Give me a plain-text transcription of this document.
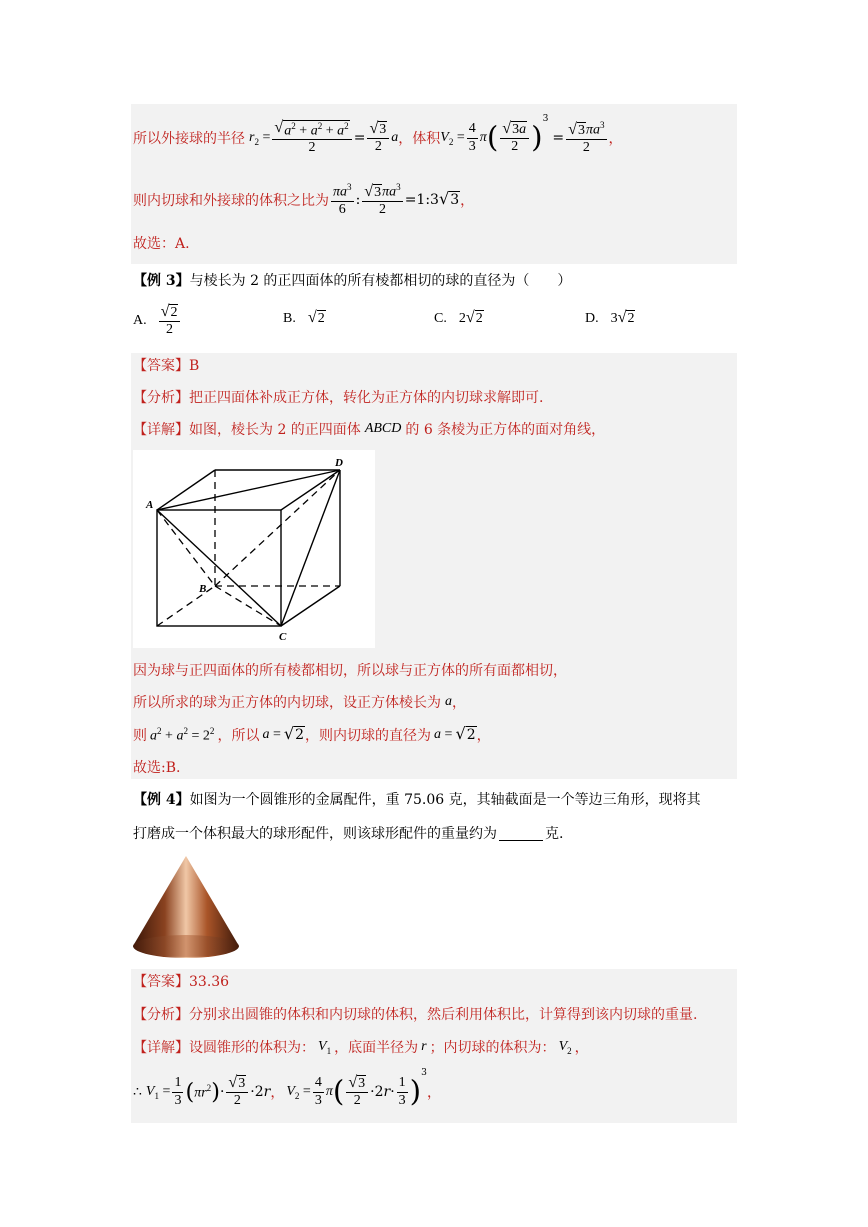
所以外接球的半径 $r_2 = \frac{√ a^2 + a^2 + a^2}{2} = \frac{√ 3}{2}$ a ，体积 $V_2 = \frac{4}{3}$ π ( $\frac{√ 3a}{2}$ )
$^3$
= $\frac{√ 3 \pi a^3}{2}$ ，
则内切球和外接球的体积之比为 $\frac{\pi a^3}{6}$ : $\frac{√ 3 \pi a^3}{2}$ =1:3 √ 3 ，
故选：A.
【例 3】 与棱长为 2 的正四面体的所有棱都相切的球的直径为（　　）
A. $\frac{√ 2}{2}$	B. √ 2	C. 2 √ 2	D. 3 √ 2
【答案】B
【分析】把正四面体补成正方体，转化为正方体的内切球求解即可.
【详解】如图，棱长为 2 的正四面体 ABCD 的 6 条棱为正方体的面对角线，
A
B
C
D
因为球与正四面体的所有棱都相切，所以球与正方体的所有面都相切，
所以所求的球为正方体的内切球，设正方体棱长为 a ，
则 $a^2 + a^2 = 2^2$ ，所以 a = √ 2 ，则内切球的直径为 a = √ 2 ，
故选:B.
【例 4】 如图为一个圆锥形的金属配件，重 75.06 克，其轴截面是一个等边三角形，现将其
打磨成一个体积最大的球形配件，则该球形配件的重量约为	克.
【答案】33.36
【分析】分别求出圆锥的体积和内切球的体积，然后利用体积比，计算得到该内切球的重量.
【详解】设圆锥形的体积为： $V_1$ ，底面半径为 r ；内切球的体积为： $V_2$ ，
∴ $V_1 = \frac{1}{3}$ ( $\pi r^2$ ) · $\frac{√ 3}{2} \cdot 2r$ ， $V_2 = \frac{4}{3}$ π ( $\frac{√ 3}{2} \cdot 2r\cdot \frac{1}{3}$ )
$^3$
，
